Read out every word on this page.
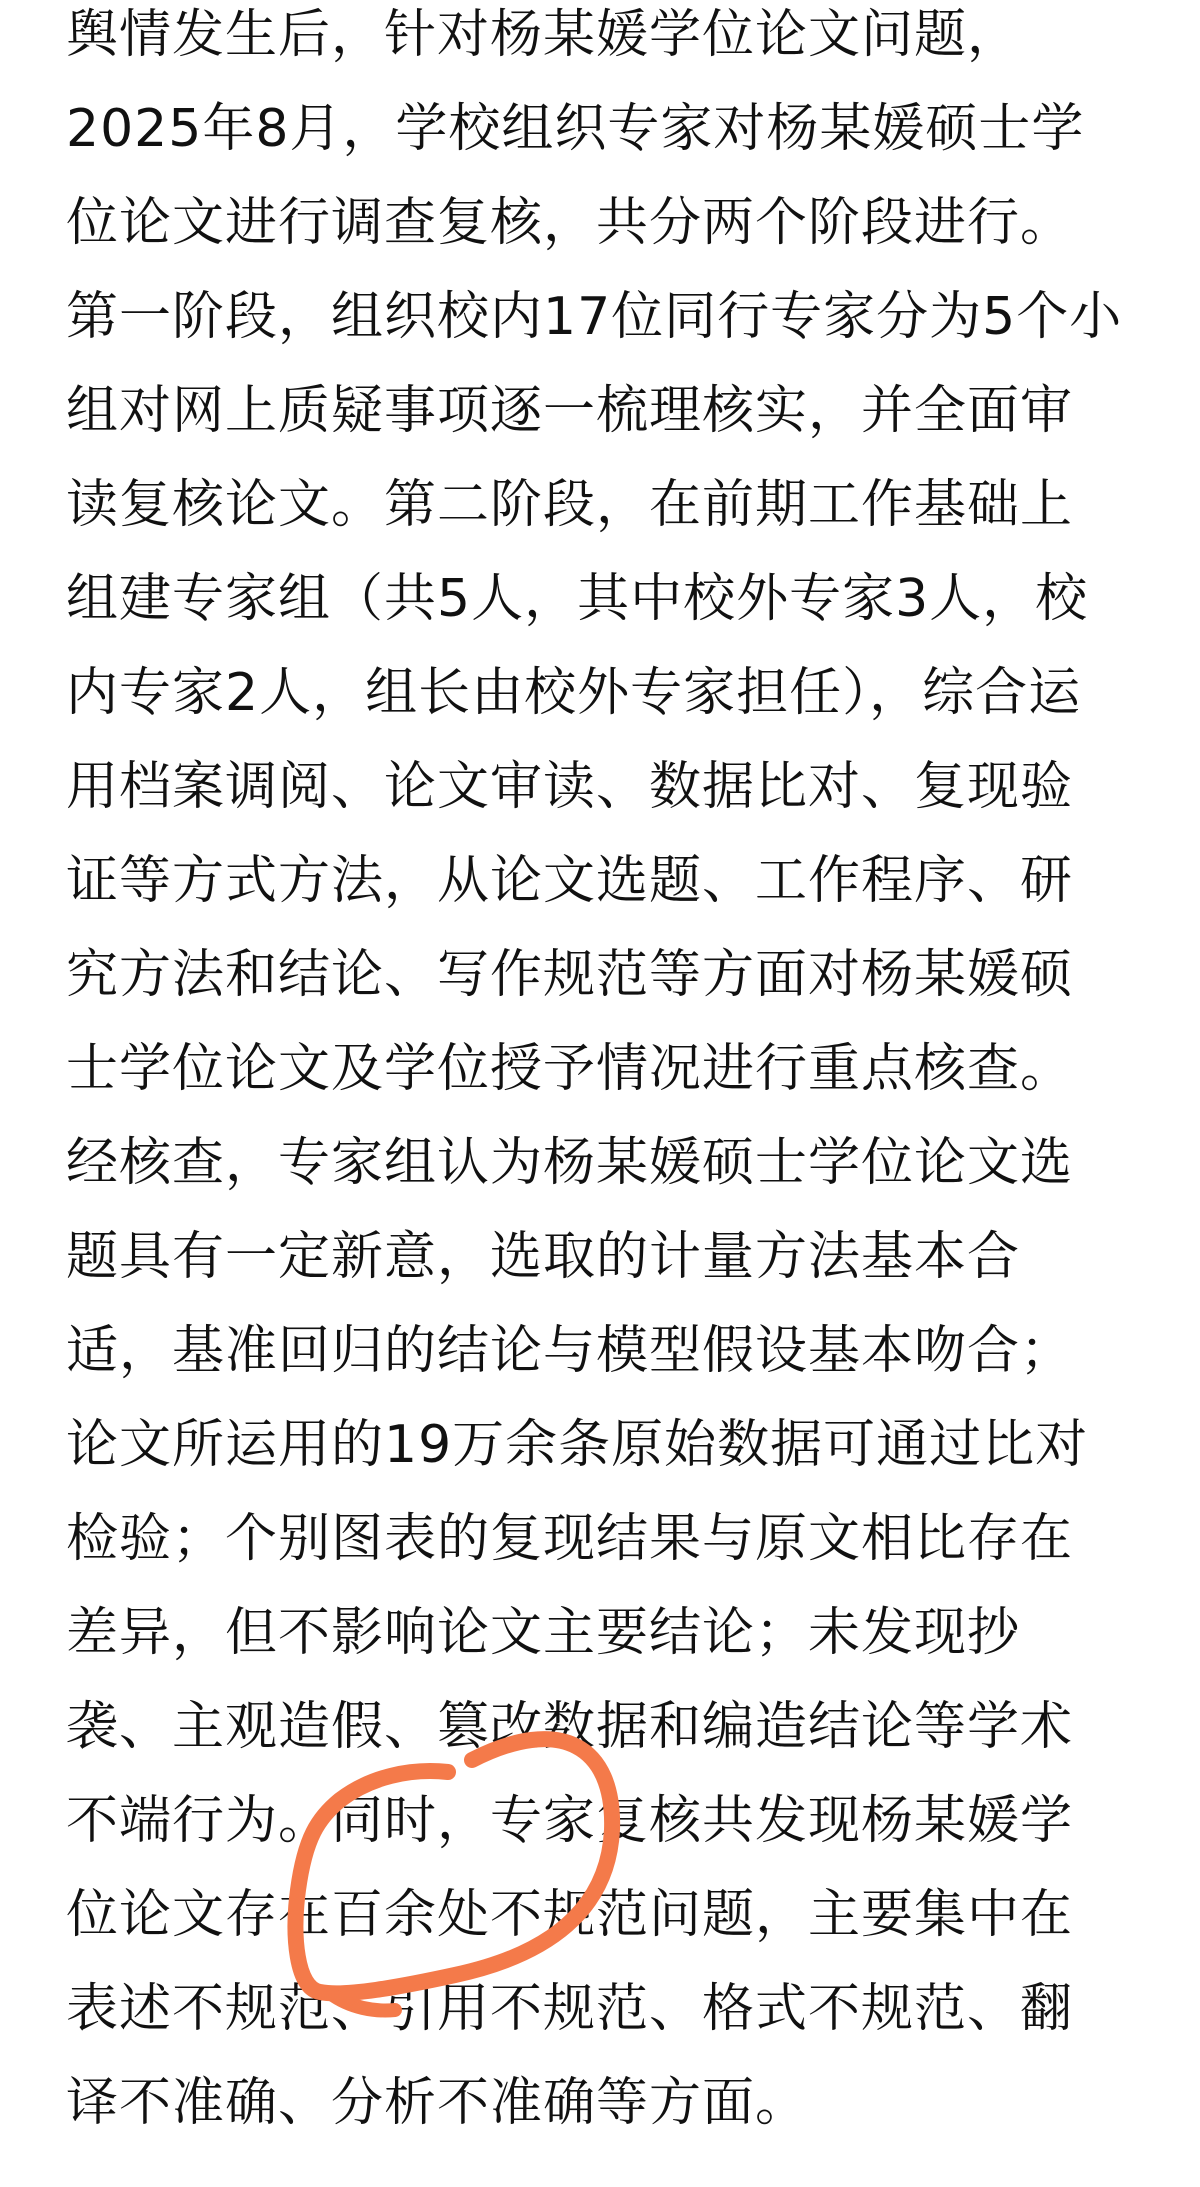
舆情发生后，针对杨某媛学位论文问题，

2025年8月，学校组织专家对杨某媛硕士学

位论文进行调查复核，共分两个阶段进行。

第一阶段，组织校内17位同行专家分为5个小

组对网上质疑事项逐一梳理核实，并全面审

读复核论文。第二阶段，在前期工作基础上

组建专家组（共5人，其中校外专家3人，校

内专家2人，组长由校外专家担任），综合运

用档案调阅、论文审读、数据比对、复现验

证等方式方法，从论文选题、工作程序、研

究方法和结论、写作规范等方面对杨某媛硕

士学位论文及学位授予情况进行重点核查。

经核查，专家组认为杨某媛硕士学位论文选

题具有一定新意，选取的计量方法基本合

适，基准回归的结论与模型假设基本吻合；

论文所运用的19万余条原始数据可通过比对

检验；个别图表的复现结果与原文相比存在

差异，但不影响论文主要结论；未发现抄

袭、主观造假、篡改数据和编造结论等学术

不端行为。同时，专家复核共发现杨某媛学

位论文存在百余处不规范问题，主要集中在

表述不规范、引用不规范、格式不规范、翻

译不准确、分析不准确等方面。
